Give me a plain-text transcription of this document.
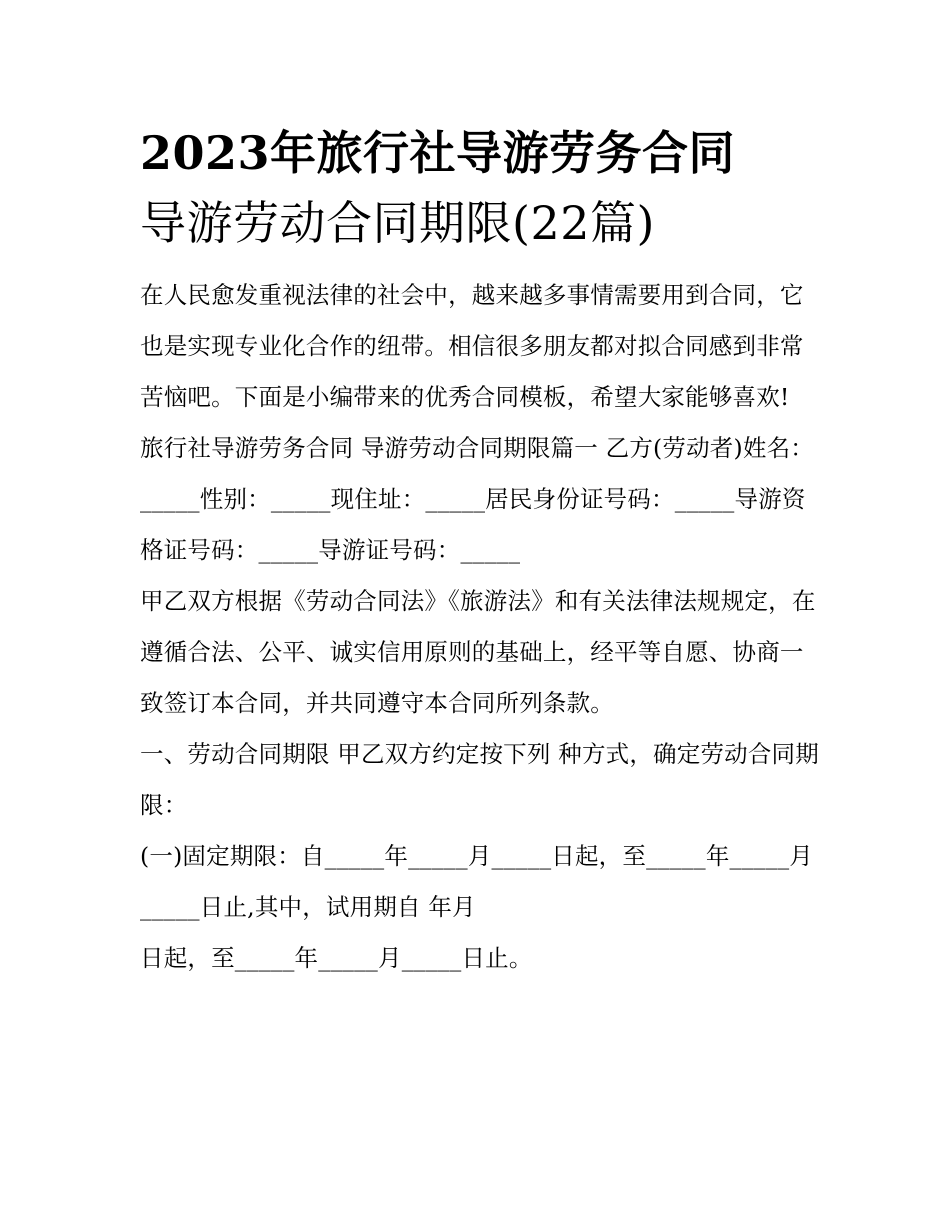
2023年旅行社导游劳务合同
导游劳动合同期限(22篇)

在人民愈发重视法律的社会中，越来越多事情需要用到合同，它也是实现专业化合作的纽带。相信很多朋友都对拟合同感到非常苦恼吧。下面是小编带来的优秀合同模板，希望大家能够喜欢!

旅行社导游劳务合同 导游劳动合同期限篇一 乙方(劳动者)姓名：

_____性别：_____现住址：_____居民身份证号码：_____导游资格证号码：_____导游证号码：_____

甲乙双方根据《劳动合同法》《旅游法》和有关法律法规规定，在遵循合法、公平、诚实信用原则的基础上，经平等自愿、协商一致签订本合同，并共同遵守本合同所列条款。

一、劳动合同期限 甲乙双方约定按下列 种方式，确定劳动合同期限：

(一)固定期限：自_____年_____月_____日起，至_____年_____月_____日止,其中，试用期自 年月

日起，至_____年_____月_____日止。
